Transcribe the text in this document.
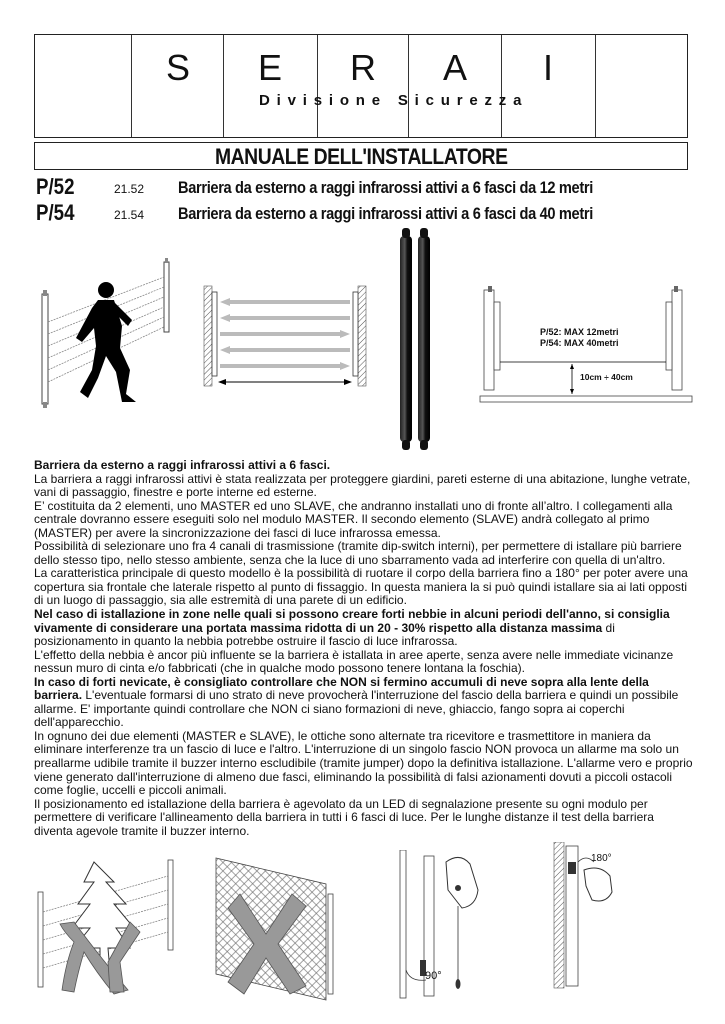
S E R A I
Divisione Sicurezza
MANUALE DELL'INSTALLATORE
P/52	21.52 Barriera da esterno a raggi infrarossi attivi a 6 fasci da 12 metri
P/54	21.54 Barriera da esterno a raggi infrarossi attivi a 6 fasci da 40 metri
P/52: MAX 12metri
P/54: MAX 40metri
10cm ÷ 40cm

Barriera da esterno a raggi infrarossi attivi a 6 fasci.

La barriera a raggi infrarossi attivi è stata realizzata per proteggere giardini, pareti esterne di una abitazione, lunghe vetrate, vani di passaggio, finestre e porte interne ed esterne.

E’ costituita da 2 elementi, uno MASTER ed uno SLAVE, che andranno installati uno di fronte all’altro. I collegamenti alla centrale dovranno essere eseguiti solo nel modulo MASTER. Il secondo elemento (SLAVE) andrà collegato al primo (MASTER) per avere la sincronizzazione dei fasci di luce infrarossa emessa.

Possibilità di selezionare uno fra 4 canali di trasmissione (tramite dip-switch interni), per permettere di istallare più barriere dello stesso tipo, nello stesso ambiente, senza che la luce di uno sbarramento vada ad interferire con quella di un'altro.

La caratteristica principale di questo modello è la possibilità di ruotare il corpo della barriera fino a 180° per poter avere una copertura sia frontale che laterale rispetto al punto di fissaggio. In questa maniera la si può quindi istallare sia ai lati opposti di un luogo di passaggio, sia alle estremità di una parete di un edificio.

Nel caso di istallazione in zone nelle quali si possono creare forti nebbie in alcuni periodi dell'anno, si consiglia vivamente di considerare una portata massima ridotta di un 20 - 30% rispetto alla distanza massima di posizionamento in quanto la nebbia potrebbe ostruire il fascio di luce infrarossa.

L'effetto della nebbia è ancor più influente se la barriera è istallata in aree aperte, senza avere nelle immediate vicinanze nessun muro di cinta e/o fabbricati (che in qualche modo possono tenere lontana la foschia).

In caso di forti nevicate, è consigliato controllare che NON si fermino accumuli di neve sopra alla lente della barriera. L'eventuale formarsi di uno strato di neve provocherà l'interruzione del fascio della barriera e quindi un possibile allarme. E' importante quindi controllare che NON ci siano formazioni di neve, ghiaccio, fango sopra ai coperchi dell'apparecchio.

In ognuno dei due elementi (MASTER e SLAVE), le ottiche sono alternate tra ricevitore e trasmettitore in maniera da eliminare interferenze tra un fascio di luce e l'altro. L'interruzione di un singolo fascio NON provoca un allarme ma solo un preallarme udibile tramite il buzzer interno escludibile (tramite jumper) dopo la definitiva istallazione. L'allarme vero e proprio viene generato dall'interruzione di almeno due fasci, eliminando la possibilità di falsi azionamenti dovuti a piccoli ostacoli come foglie, uccelli e piccoli animali.

Il posizionamento ed istallazione della barriera è agevolato da un LED di segnalazione presente su ogni modulo per permettere di verificare l'allineamento della barriera in tutti i 6 fasci di luce. Per le lunghe distanze il test della barriera diventa agevole tramite il buzzer interno.

90°
180°
